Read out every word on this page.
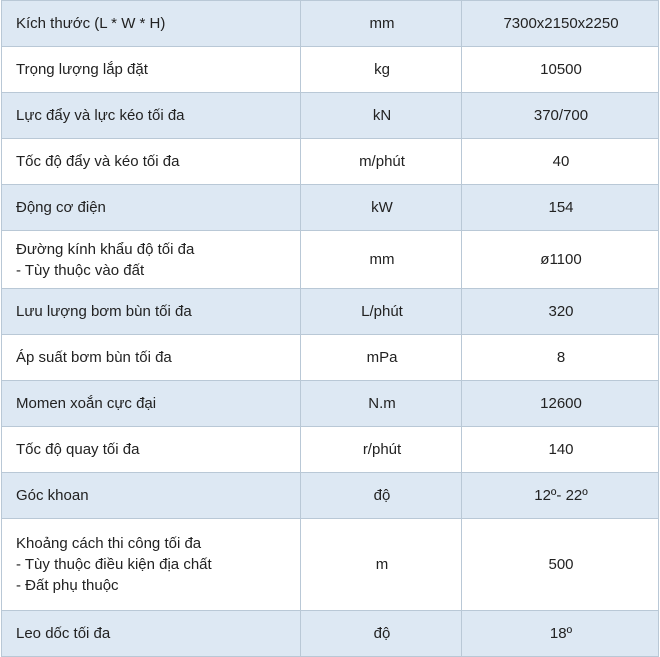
Kích thước (L * W * H)	mm	7300x2150x2250

Trọng lượng lắp đặt	kg	10500

Lực đẩy và lực kéo tối đa	kN	370/700

Tốc độ đẩy và kéo tối đa	m/phút	40

Động cơ điện	kW	154

Đường kính khẩu độ tối đa
- Tùy thuộc vào đất	mm	ø1100

Lưu lượng bơm bùn tối đa	L/phút	320

Áp suất bơm bùn tối đa	mPa	8

Momen xoắn cực đại	N.m	12600

Tốc độ quay tối đa	r/phút	140

Góc khoan	độ	12º- 22º

Khoảng cách thi công tối đa
- Tùy thuộc điều kiện địa chất
- Đất phụ thuộc	m	500

Leo dốc tối đa	độ	18º
